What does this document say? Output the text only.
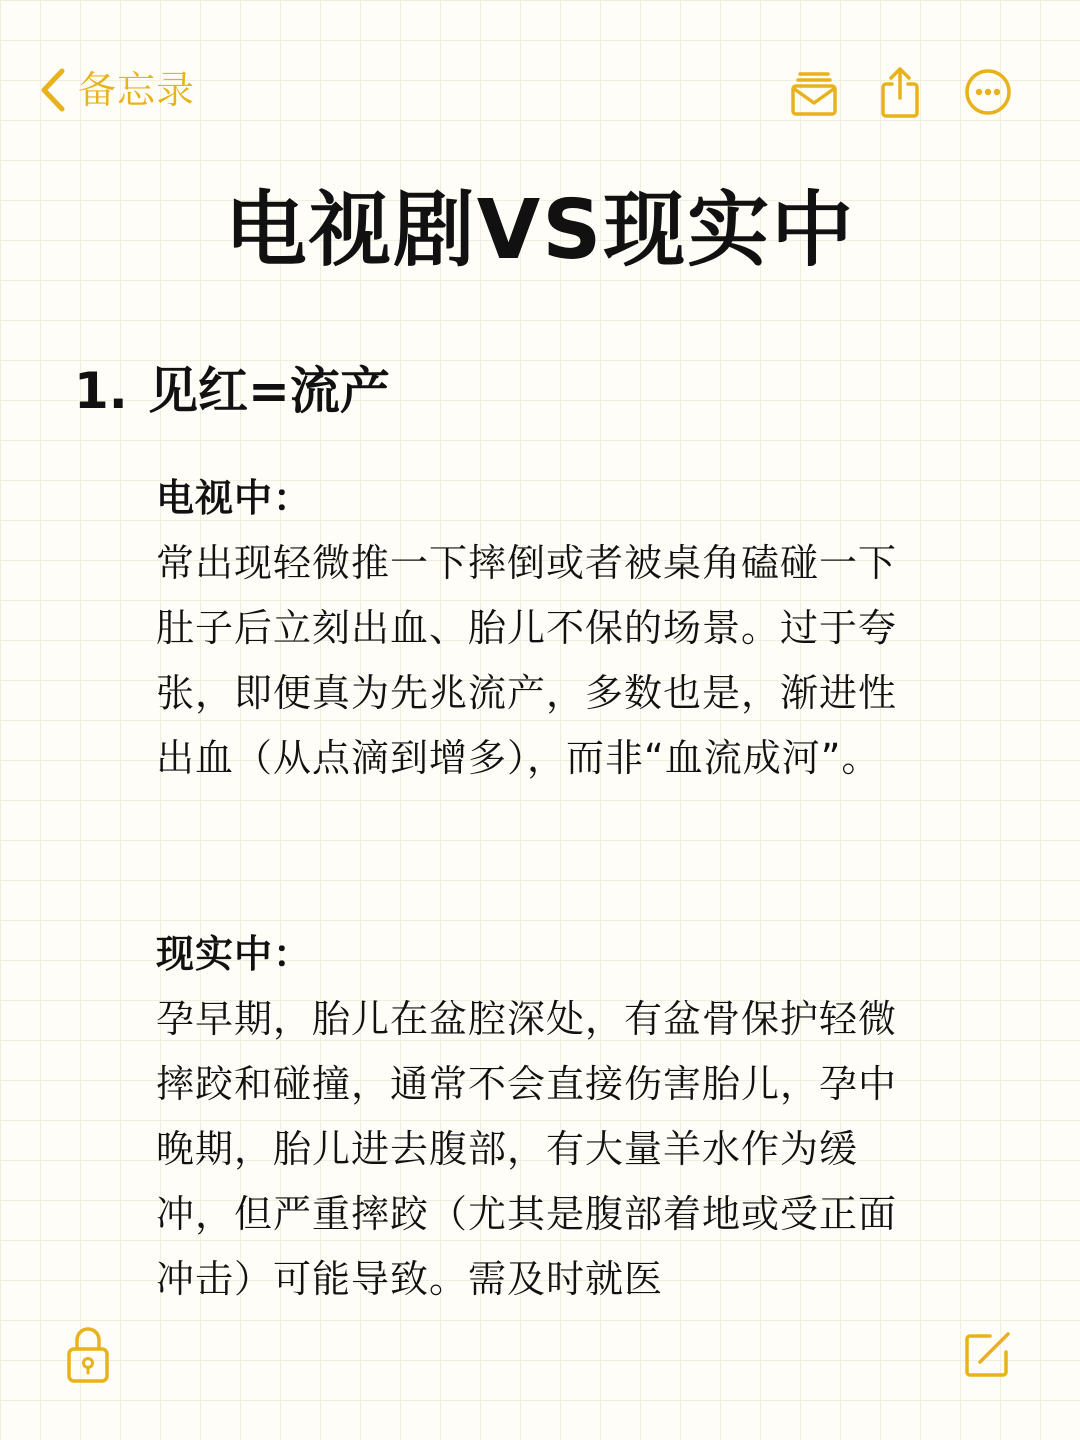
备忘录
电视剧VS现实中
1. 见红=流产
电视中：
常出现轻微推一下摔倒或者被桌角磕碰一下肚子后立刻出血、胎儿不保的场景。过于夸张，即便真为先兆流产，多数也是，渐进性出血（从点滴到增多），而非“血流成河”。
现实中：
孕早期，胎儿在盆腔深处，有盆骨保护轻微摔跤和碰撞，通常不会直接伤害胎儿，孕中晚期，胎儿进去腹部，有大量羊水作为缓冲，但严重摔跤（尤其是腹部着地或受正面冲击）可能导致。需及时就医
